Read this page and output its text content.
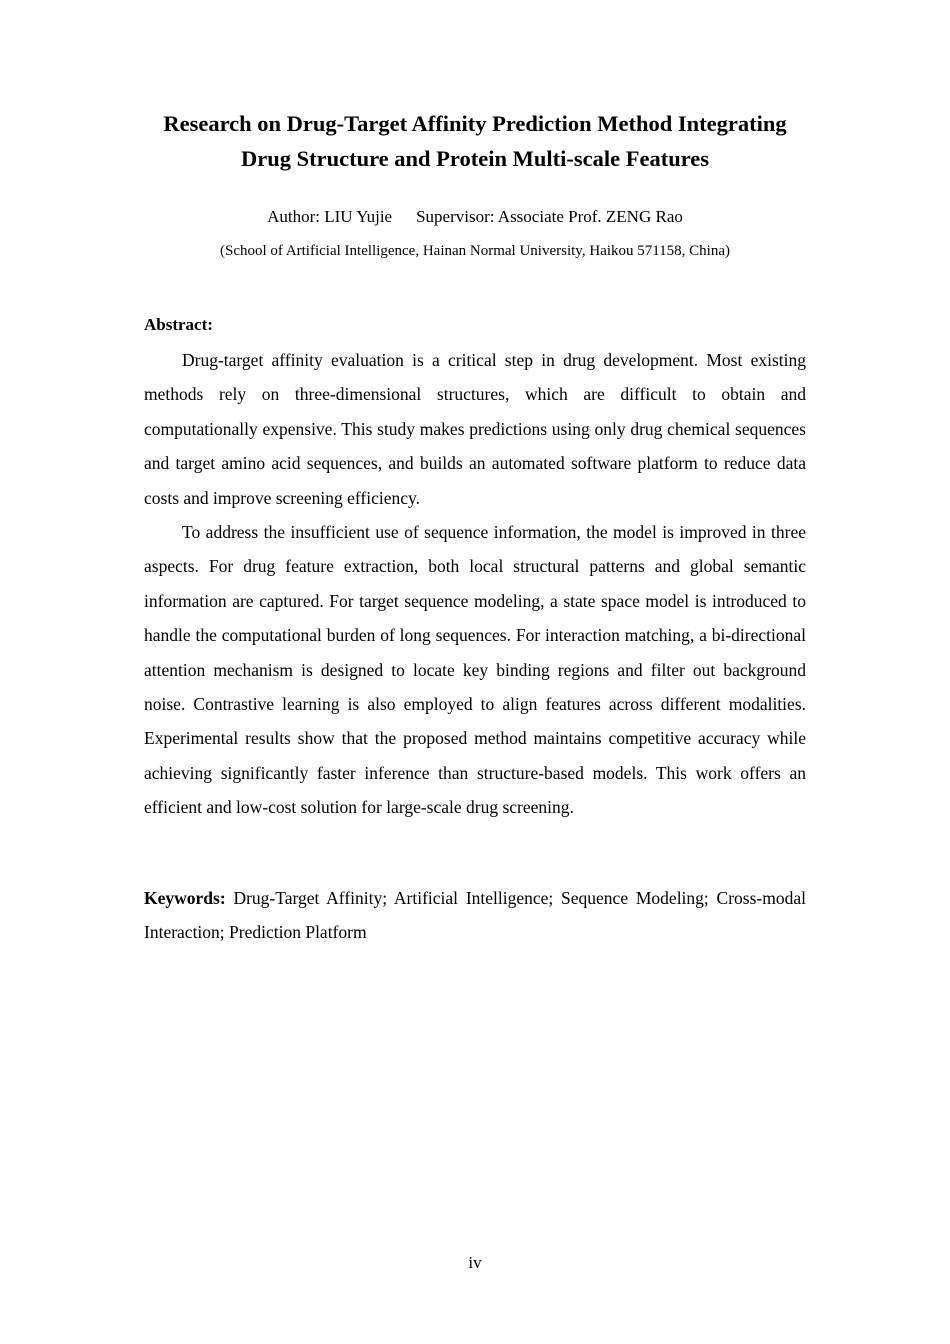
Research on Drug-Target Affinity Prediction Method Integrating
Drug Structure and Protein Multi-scale Features
Author: LIU Yujie Supervisor: Associate Prof. ZENG Rao
(School of Artificial Intelligence, Hainan Normal University, Haikou 571158, China)
Abstract:

Drug-target affinity evaluation is a critical step in drug development. Most existing methods rely on three-dimensional structures, which are difficult to obtain and computationally expensive. This study makes predictions using only drug chemical sequences and target amino acid sequences, and builds an automated software platform to reduce data costs and improve screening efficiency.

To address the insufficient use of sequence information, the model is improved in three aspects. For drug feature extraction, both local structural patterns and global semantic information are captured. For target sequence modeling, a state space model is introduced to handle the computational burden of long sequences. For interaction matching, a bi-directional attention mechanism is designed to locate key binding regions and filter out background noise. Contrastive learning is also employed to align features across different modalities. Experimental results show that the proposed method maintains competitive accuracy while achieving significantly faster inference than structure-based models. This work offers an efficient and low-cost solution for large-scale drug screening.

Keywords: Drug-Target Affinity; Artificial Intelligence; Sequence Modeling; Cross-modal Interaction; Prediction Platform
iv
